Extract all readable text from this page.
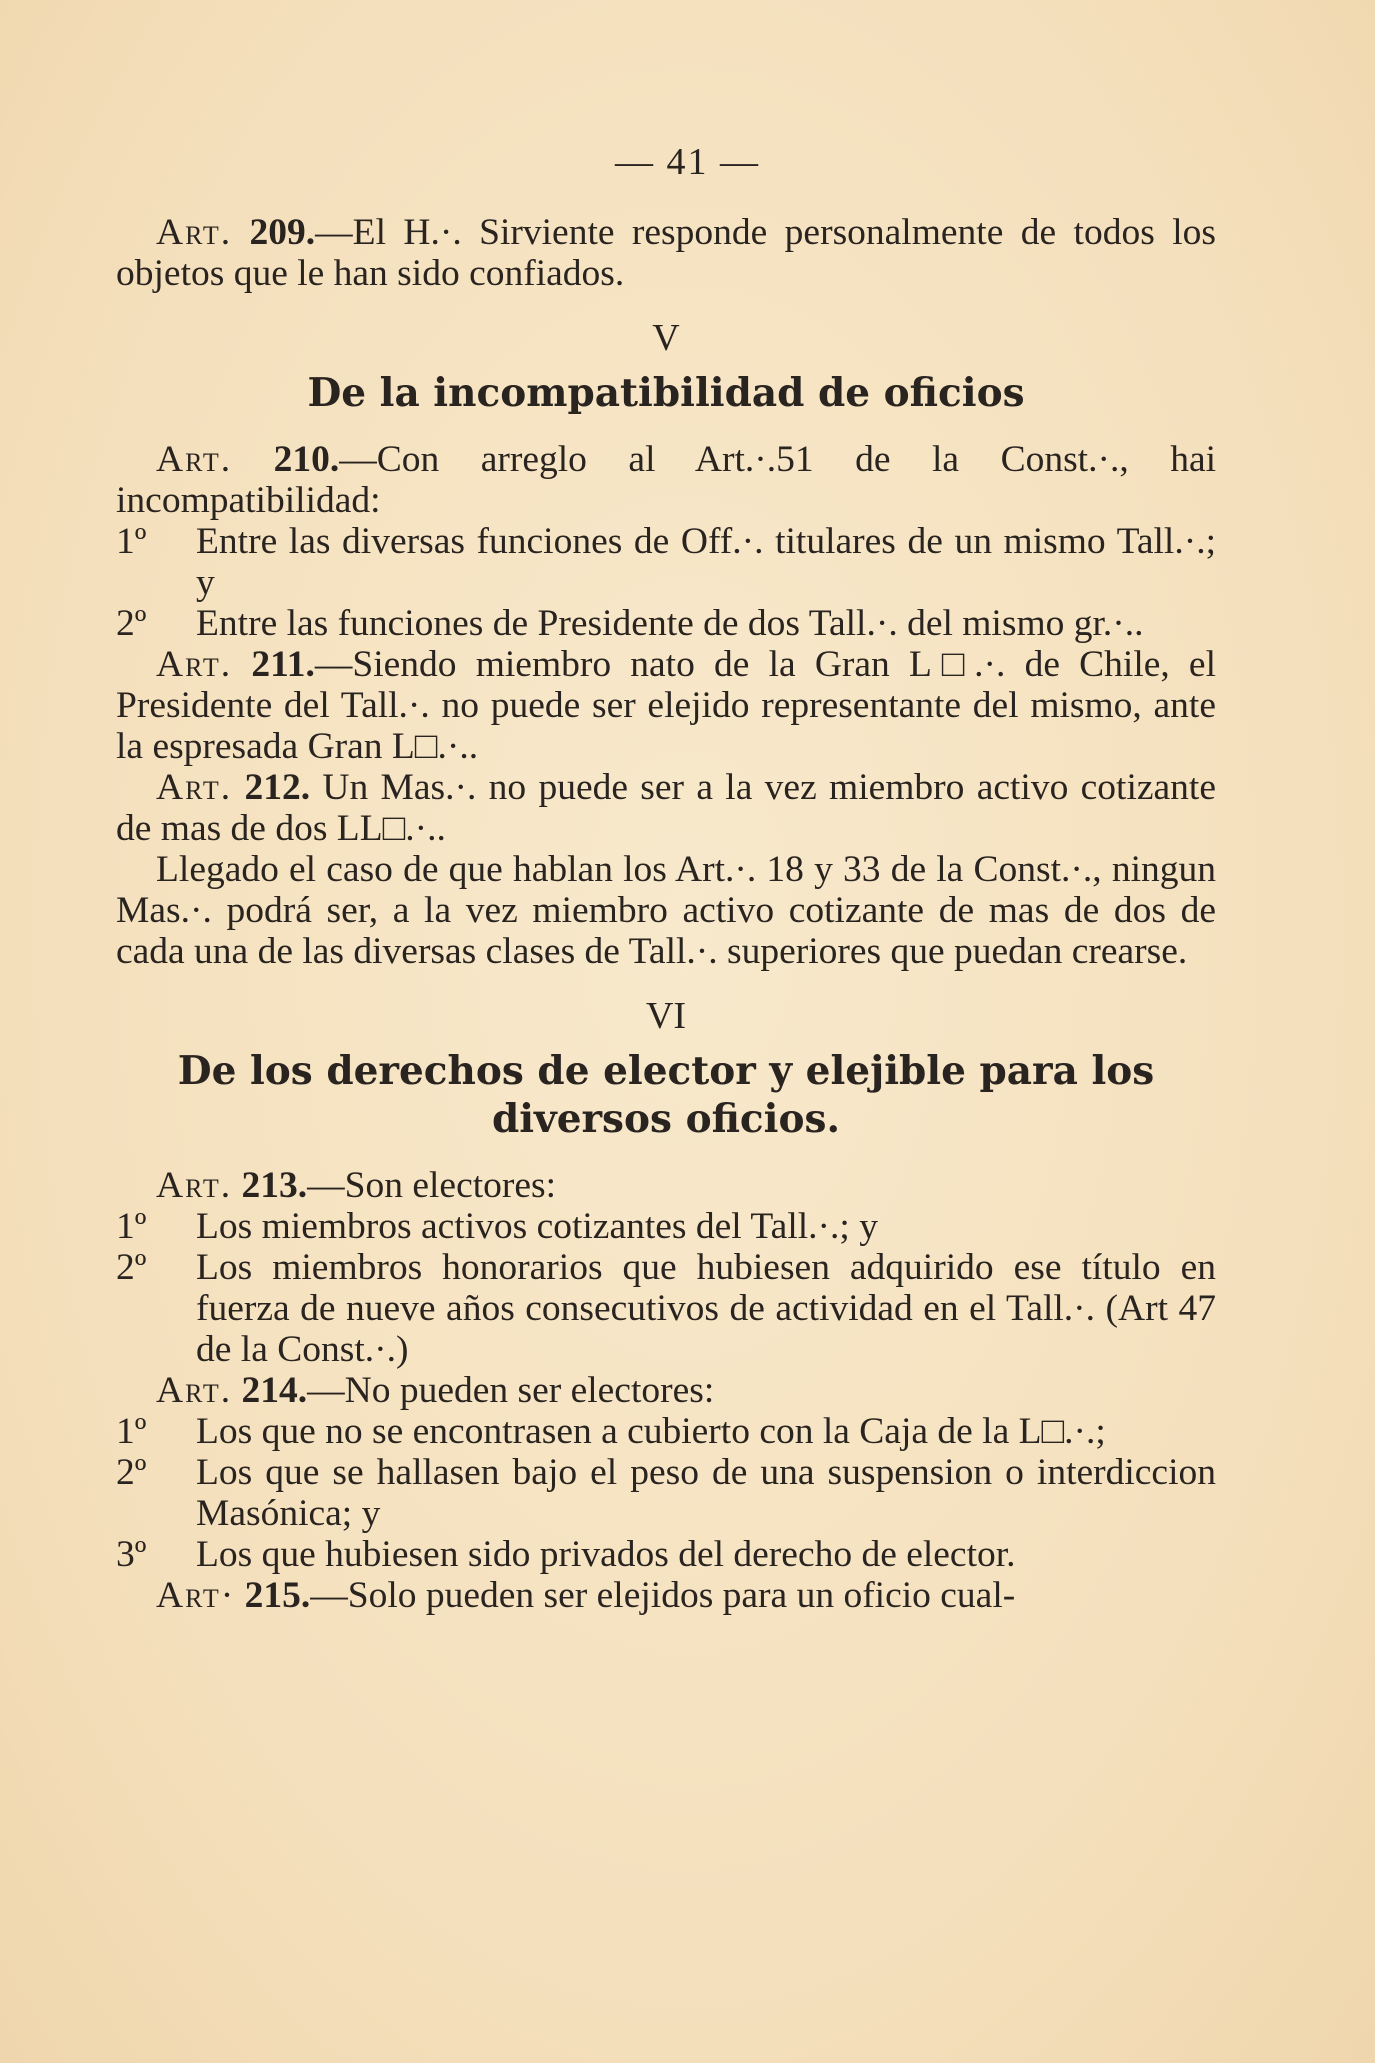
— 41 —

Art. 209.—El H.·. Sirviente responde personalmente de todos los objetos que le han sido confiados.

V
De la incompatibilidad de oficios

Art. 210.—Con arreglo al Art.·.51 de la Const.·., hai incompatibilidad:

1º Entre las diversas funciones de Off.·. titulares de un mismo Tall.·.; y

2º Entre las funciones de Presidente de dos Tall.·. del mismo gr.·..

Art. 211.—Siendo miembro nato de la Gran L□.·. de Chile, el Presidente del Tall.·. no puede ser elejido representante del mismo, ante la espresada Gran L□.·..

Art. 212. Un Mas.·. no puede ser a la vez miembro activo cotizante de mas de dos LL□.·..

Llegado el caso de que hablan los Art.·. 18 y 33 de la Const.·., ningun Mas.·. podrá ser, a la vez miembro activo cotizante de mas de dos de cada una de las diversas clases de Tall.·. superiores que puedan crearse.

VI
De los derechos de elector y elejible para los diversos oficios.

Art. 213.—Son electores:

1º Los miembros activos cotizantes del Tall.·.; y

2º Los miembros honorarios que hubiesen adquirido ese título en fuerza de nueve años consecutivos de actividad en el Tall.·. (Art 47 de la Const.·.)

Art. 214.—No pueden ser electores:

1º Los que no se encontrasen a cubierto con la Caja de la L□.·.;

2º Los que se hallasen bajo el peso de una suspension o interdiccion Masónica; y

3º Los que hubiesen sido privados del derecho de elector.

Art· 215.—Solo pueden ser elejidos para un oficio cual-
